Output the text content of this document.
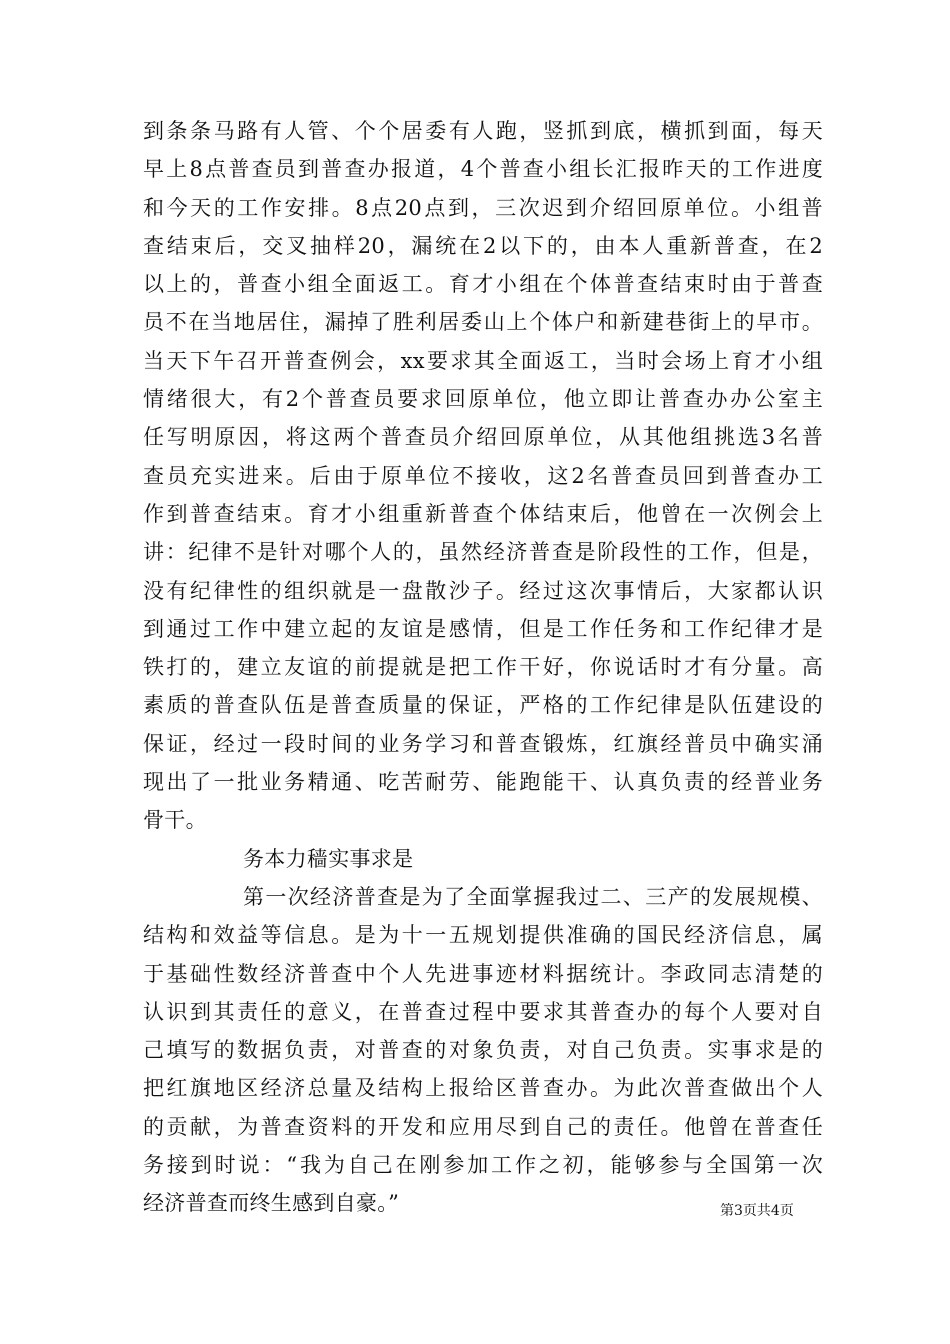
到条条马路有人管、个个居委有人跑，竖抓到底，横抓到面，每天
早上8点普查员到普查办报道，4个普查小组长汇报昨天的工作进度
和今天的工作安排。8点20点到，三次迟到介绍回原单位。小组普
查结束后，交叉抽样20，漏统在2以下的，由本人重新普查，在2
以上的，普查小组全面返工。育才小组在个体普查结束时由于普查
员不在当地居住，漏掉了胜利居委山上个体户和新建巷街上的早市。
当天下午召开普查例会，xx要求其全面返工，当时会场上育才小组
情绪很大，有2个普查员要求回原单位，他立即让普查办办公室主
任写明原因，将这两个普查员介绍回原单位，从其他组挑选3名普
查员充实进来。后由于原单位不接收，这2名普查员回到普查办工
作到普查结束。育才小组重新普查个体结束后，他曾在一次例会上
讲：纪律不是针对哪个人的，虽然经济普查是阶段性的工作，但是，
没有纪律性的组织就是一盘散沙子。经过这次事情后，大家都认识
到通过工作中建立起的友谊是感情，但是工作任务和工作纪律才是
铁打的，建立友谊的前提就是把工作干好，你说话时才有分量。高
素质的普查队伍是普查质量的保证，严格的工作纪律是队伍建设的
保证，经过一段时间的业务学习和普查锻炼，红旗经普员中确实涌
现出了一批业务精通、吃苦耐劳、能跑能干、认真负责的经普业务
骨干。
务本力穑实事求是
第一次经济普查是为了全面掌握我过二、三产的发展规模、
结构和效益等信息。是为十一五规划提供准确的国民经济信息，属
于基础性数经济普查中个人先进事迹材料据统计。李政同志清楚的
认识到其责任的意义，在普查过程中要求其普查办的每个人要对自
己填写的数据负责，对普查的对象负责，对自己负责。实事求是的
把红旗地区经济总量及结构上报给区普查办。为此次普查做出个人
的贡献，为普查资料的开发和应用尽到自己的责任。他曾在普查任
务接到时说：“我为自己在刚参加工作之初，能够参与全国第一次
经济普查而终生感到自豪。”	第3页共4页
